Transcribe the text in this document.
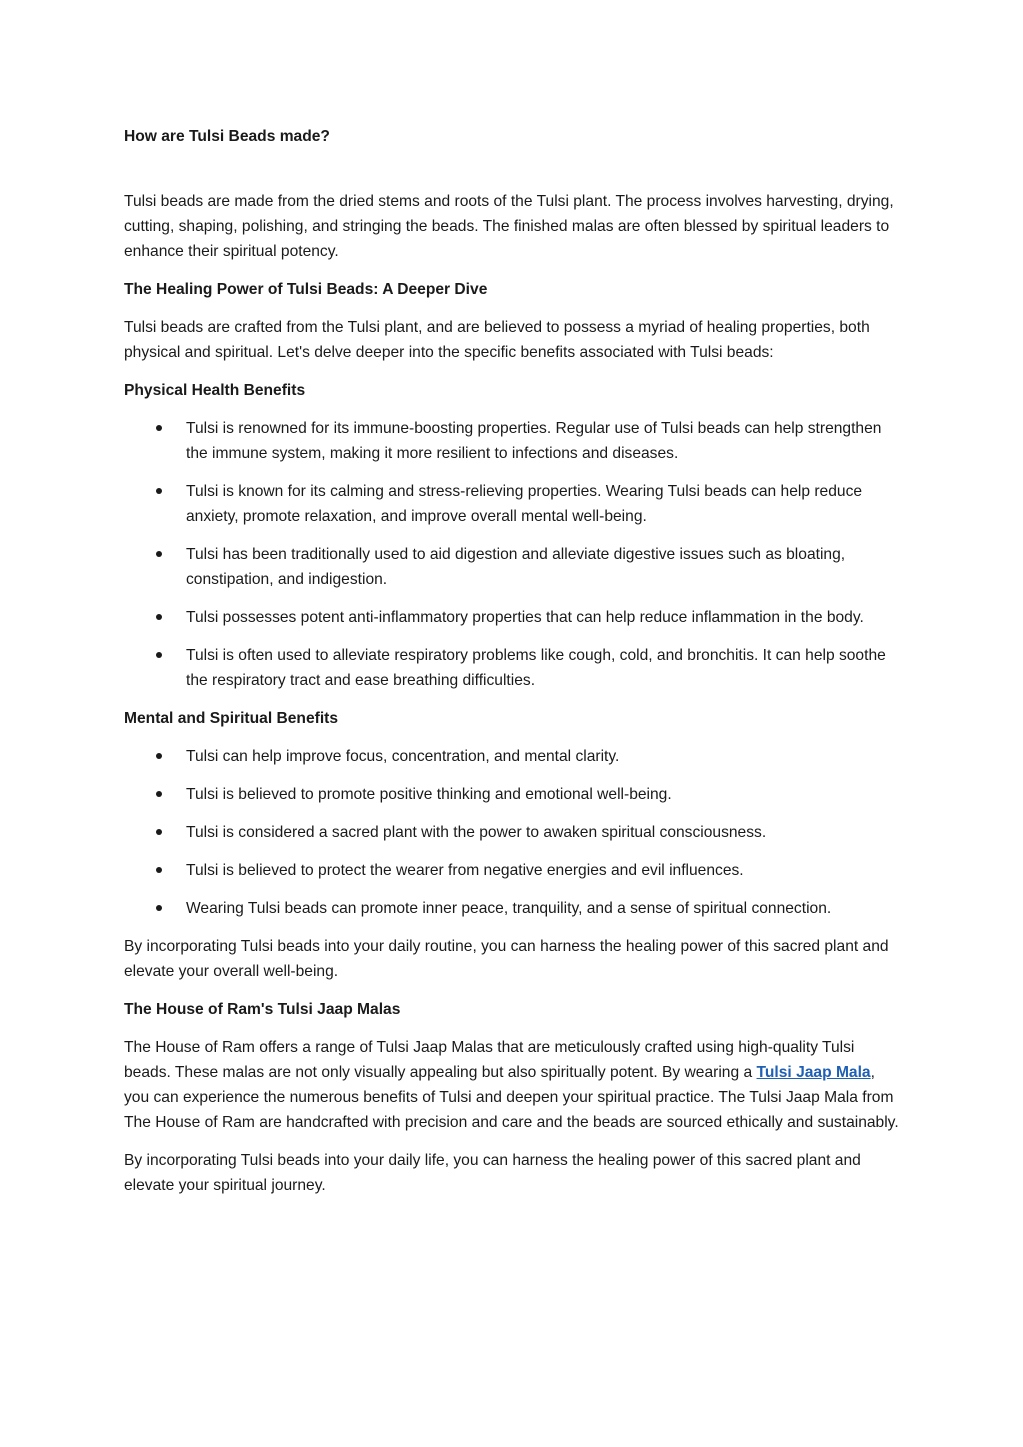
How are Tulsi Beads made?

Tulsi beads are made from the dried stems and roots of the Tulsi plant. The process involves harvesting, drying, cutting, shaping, polishing, and stringing the beads. The finished malas are often blessed by spiritual leaders to enhance their spiritual potency.

The Healing Power of Tulsi Beads: A Deeper Dive

Tulsi beads are crafted from the Tulsi plant, and are believed to possess a myriad of healing properties, both physical and spiritual. Let's delve deeper into the specific benefits associated with Tulsi beads:

Physical Health Benefits
Tulsi is renowned for its immune-boosting properties. Regular use of Tulsi beads can help strengthen the immune system, making it more resilient to infections and diseases.
Tulsi is known for its calming and stress-relieving properties. Wearing Tulsi beads can help reduce anxiety, promote relaxation, and improve overall mental well-being.
Tulsi has been traditionally used to aid digestion and alleviate digestive issues such as bloating, constipation, and indigestion.
Tulsi possesses potent anti-inflammatory properties that can help reduce inflammation in the body.
Tulsi is often used to alleviate respiratory problems like cough, cold, and bronchitis. It can help soothe the respiratory tract and ease breathing difficulties.
Mental and Spiritual Benefits
Tulsi can help improve focus, concentration, and mental clarity.
Tulsi is believed to promote positive thinking and emotional well-being.
Tulsi is considered a sacred plant with the power to awaken spiritual consciousness.
Tulsi is believed to protect the wearer from negative energies and evil influences.
Wearing Tulsi beads can promote inner peace, tranquility, and a sense of spiritual connection.

By incorporating Tulsi beads into your daily routine, you can harness the healing power of this sacred plant and elevate your overall well-being.

The House of Ram's Tulsi Jaap Malas

The House of Ram offers a range of Tulsi Jaap Malas that are meticulously crafted using high-quality Tulsi beads. These malas are not only visually appealing but also spiritually potent. By wearing a Tulsi Jaap Mala, you can experience the numerous benefits of Tulsi and deepen your spiritual practice. The Tulsi Jaap Mala from The House of Ram are handcrafted with precision and care and the beads are sourced ethically and sustainably.

By incorporating Tulsi beads into your daily life, you can harness the healing power of this sacred plant and elevate your spiritual journey.
